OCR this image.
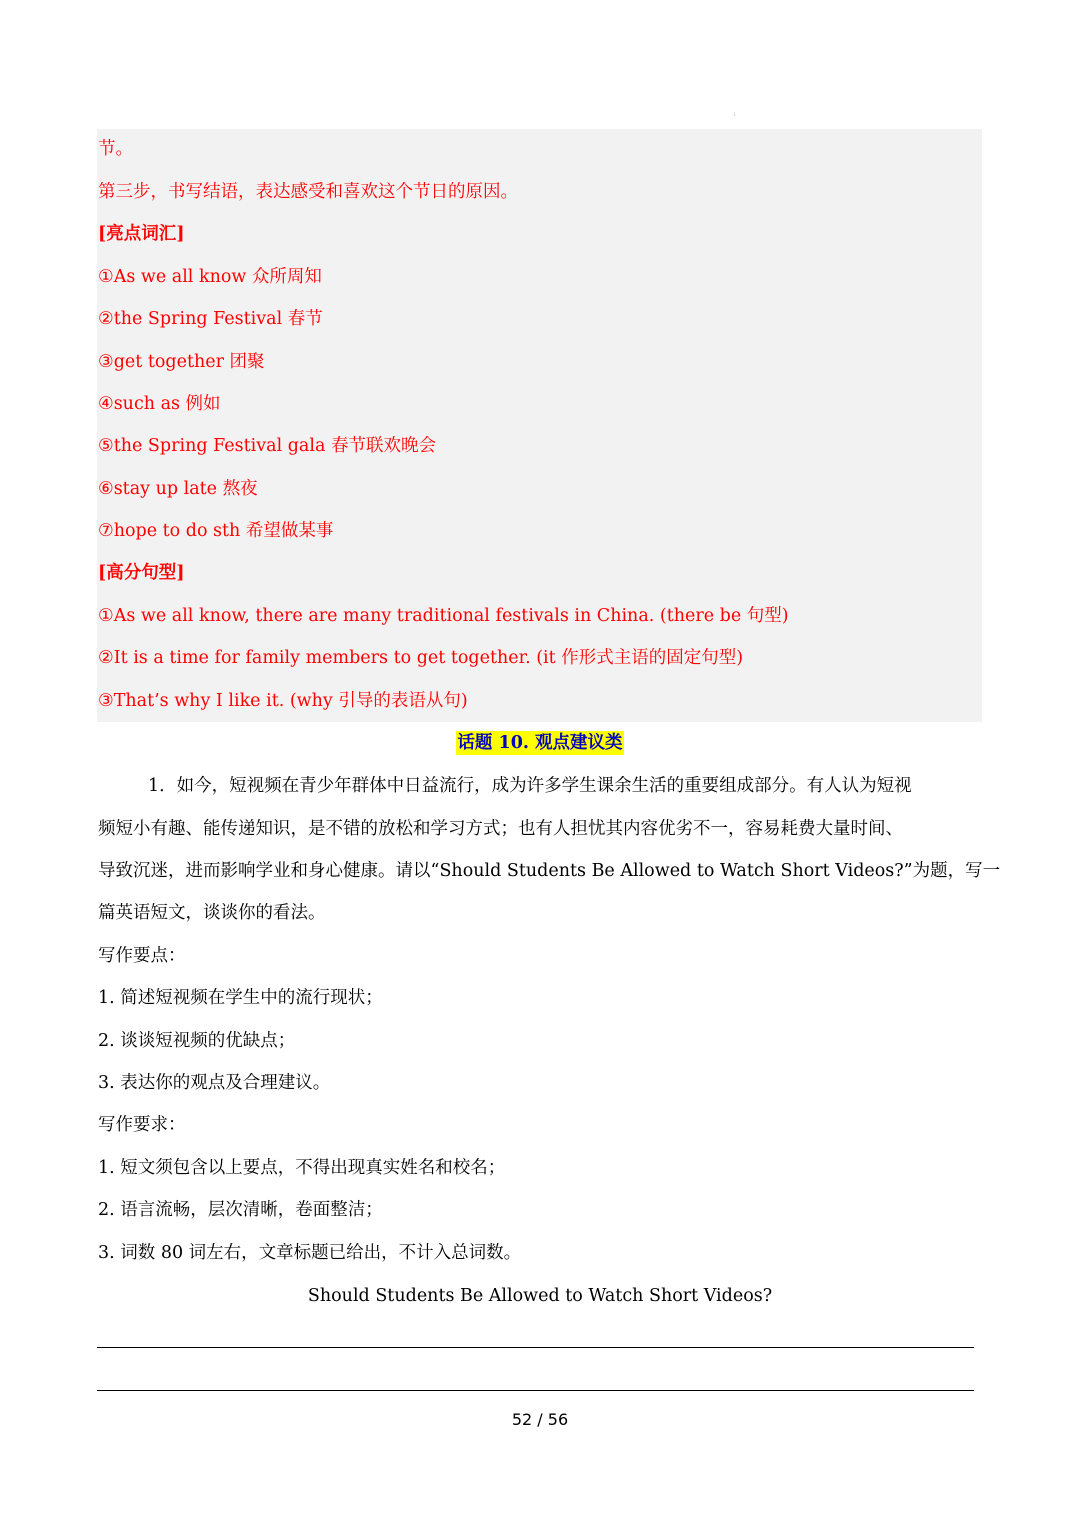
1
节。
第三步，书写结语，表达感受和喜欢这个节日的原因。
[亮点词汇]
①As we all know 众所周知
②the Spring Festival 春节
③get together 团聚
④such as 例如
⑤the Spring Festival gala 春节联欢晚会
⑥stay up late 熬夜
⑦hope to do sth 希望做某事
[高分句型]
①As we all know, there are many traditional festivals in China. (there be 句型)
②It is a time for family members to get together. (it 作形式主语的固定句型)
③That’s why I like it. (why 引导的表语从句)
话题 10. 观点建议类
1．如今，短视频在青少年群体中日益流行，成为许多学生课余生活的重要组成部分。有人认为短视
频短小有趣、能传递知识，是不错的放松和学习方式；也有人担忧其内容优劣不一，容易耗费大量时间、
导致沉迷，进而影响学业和身心健康。请以“Should Students Be Allowed to Watch Short Videos?”为题，写一
篇英语短文，谈谈你的看法。
写作要点：
1. 简述短视频在学生中的流行现状；
2. 谈谈短视频的优缺点；
3. 表达你的观点及合理建议。
写作要求：
1. 短文须包含以上要点，不得出现真实姓名和校名；
2. 语言流畅，层次清晰，卷面整洁；
3. 词数 80 词左右，文章标题已给出，不计入总词数。
Should Students Be Allowed to Watch Short Videos?
52 / 56
